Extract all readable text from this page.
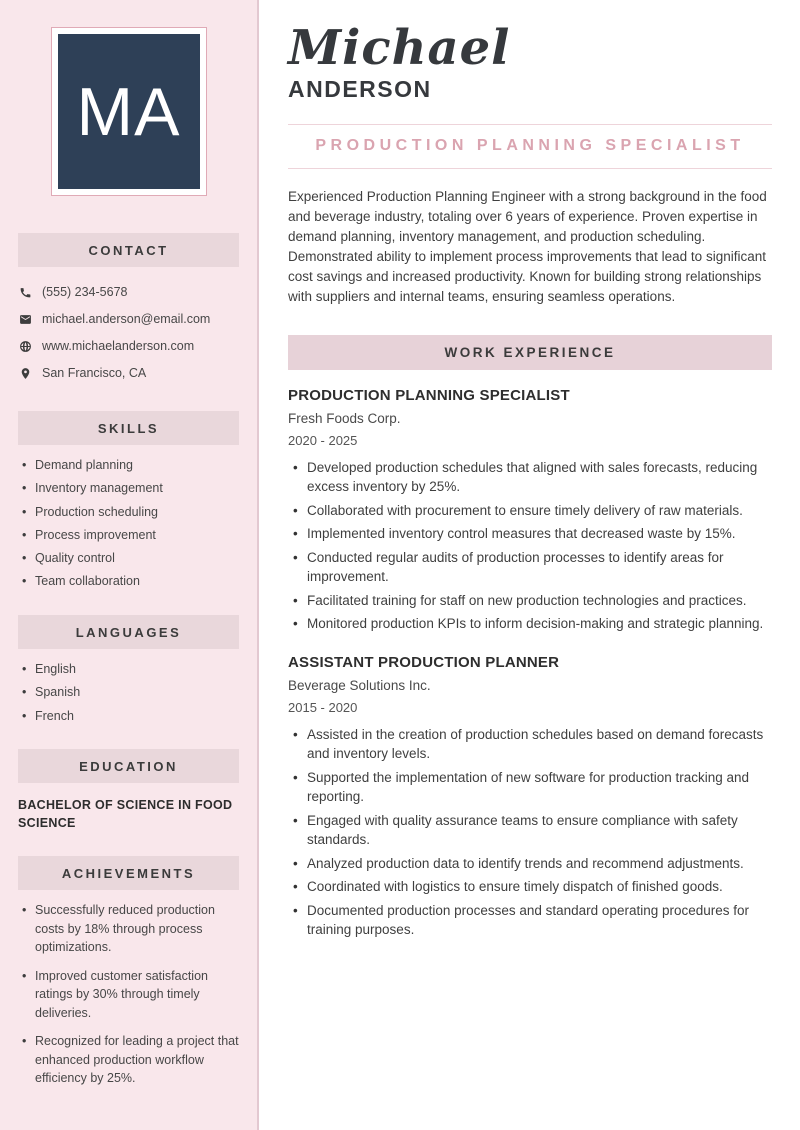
MA
CONTACT
(555) 234-5678
michael.anderson@email.com
www.michaelanderson.com
San Francisco, CA
SKILLS
• Demand planning
• Inventory management
• Production scheduling
• Process improvement
• Quality control
• Team collaboration
LANGUAGES
• English
• Spanish
• French
EDUCATION

BACHELOR OF SCIENCE IN FOOD SCIENCE

ACHIEVEMENTS
• Successfully reduced production costs by 18% through process optimizations.
• Improved customer satisfaction ratings by 30% through timely deliveries.
• Recognized for leading a project that enhanced production workflow efficiency by 25%.
Michael
ANDERSON
PRODUCTION PLANNING SPECIALIST

Experienced Production Planning Engineer with a strong background in the food and beverage industry, totaling over 6 years of experience. Proven expertise in demand planning, inventory management, and production scheduling. Demonstrated ability to implement process improvements that lead to significant cost savings and increased productivity. Known for building strong relationships with suppliers and internal teams, ensuring seamless operations.

WORK EXPERIENCE
PRODUCTION PLANNING SPECIALIST
Fresh Foods Corp.
2020 - 2025
• Developed production schedules that aligned with sales forecasts, reducing excess inventory by 25%.
• Collaborated with procurement to ensure timely delivery of raw materials.
• Implemented inventory control measures that decreased waste by 15%.
• Conducted regular audits of production processes to identify areas for improvement.
• Facilitated training for staff on new production technologies and practices.
• Monitored production KPIs to inform decision-making and strategic planning.
ASSISTANT PRODUCTION PLANNER
Beverage Solutions Inc.
2015 - 2020
• Assisted in the creation of production schedules based on demand forecasts and inventory levels.
• Supported the implementation of new software for production tracking and reporting.
• Engaged with quality assurance teams to ensure compliance with safety standards.
• Analyzed production data to identify trends and recommend adjustments.
• Coordinated with logistics to ensure timely dispatch of finished goods.
• Documented production processes and standard operating procedures for training purposes.
